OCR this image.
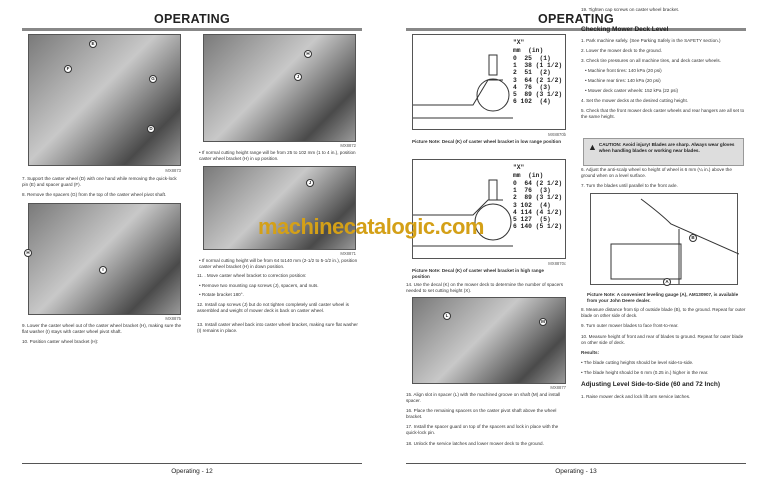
OPERATING
E
F
G
D
MX8873
7. Support the caster wheel (D) with one hand while removing the quick-lock pin (E) and spacer guard (F).
8. Remove the spacers (G) from the top of the caster wheel pivot shaft.
H
I
MX8875
9. Lower the caster wheel out of the caster wheel bracket (H), making sure the flat washer (I) stays with caster wheel pivot shaft.
10. Position caster wheel bracket (H):
H
J
MX8872
• If normal cutting height range will be from 25 to 102 mm (1 to 4 in.), position caster wheel bracket (H) in up position.
J
MX8871
• If normal cutting height will be from 64 to140 mm (2-1/2 to 5-1/2 in.), position caster wheel bracket (H) in down position.
11. . Move caster wheel bracket to correction position:
• Remove two mounting cap screws (J), spacers, and nuts.
• Rotate bracket 180°.
12. Install cap screws (J) but do not tighten completely until caster wheel is assembled and weight of mower deck is back on caster wheel.
13. Install caster wheel back into caster wheel bracket, making sure flat washer (I) remains in place.
Operating - 12
OPERATING
"X"
mm  (in)
0  25  (1)
1  38 (1 1/2)
2  51  (2)
3  64 (2 1/2)
4  76  (3)
5  89 (3 1/2)
6 102  (4)
MX8870b
Picture Note: Decal (K) of caster wheel bracket in low range position
"X"
mm  (in)
0  64 (2 1/2)
1  76  (3)
2  89 (3 1/2)
3 102  (4)
4 114 (4 1/2)
5 127  (5)
6 140 (5 1/2)
MX8870c
Picture Note: Decal (K) of caster wheel bracket in high range position
14. Use the decal (K) on the mower deck to determine the number of spacers needed to set cutting height (X).
L
M
MX8877
15. Align slot in spacer (L) with the machined groove on shaft (M) and install spacer.
16. Place the remaining spacers on the caster pivot shaft above the wheel bracket.
17. Install the spacer guard on top of the spacers and lock in place with the quick-lock pin.
18. Unlock the service latches and lower mower deck to the ground.
19. Tighten cap screws on caster wheel bracket.
Checking Mower Deck Level
1. Park machine safely. (See Parking Safely in the SAFETY section.)
2. Lower the mower deck to the ground.
3. Check tire pressures on all machine tires, and deck caster wheels.
• Machine front tires: 140 kPa (20 psi)
• Machine rear tires: 140 kPa (20 psi)
• Mower deck caster wheels: 152 kPa (22 psi)
4. Set the mower decks at the desired cutting height.
5. Check that the front mower deck caster wheels and rear hangers are all set to the same height.
▲ CAUTION: Avoid injury! Blades are sharp. Always wear gloves when handling blades or working near blades.
6. Adjust the anti-scalp wheel so height of wheel is 6 mm (¼ in.) above the ground when on a level surface.
7. Turn the blades until parallel to the front axle.
B
A
Picture Note: A convenient leveling gauge (A), AM130907, is available from your John Deere dealer.
8. Measure distance from tip of outside blade (B), to the ground. Repeat for outer blade on other side of deck.
9. Turn outer mower blades to face front-to-rear.
10. Measure height of front and rear of blades to ground. Repeat for outer blade on other side of deck.
Results:
• The blade cutting heights should be level side-to-side.
• The blade height should be 6 mm (0.25 in.) higher in the rear.
Adjusting Level Side-to-Side (60 and 72 Inch)
1. Raise mower deck and lock lift arm service latches.
Operating - 13
machinecatalogic.com
